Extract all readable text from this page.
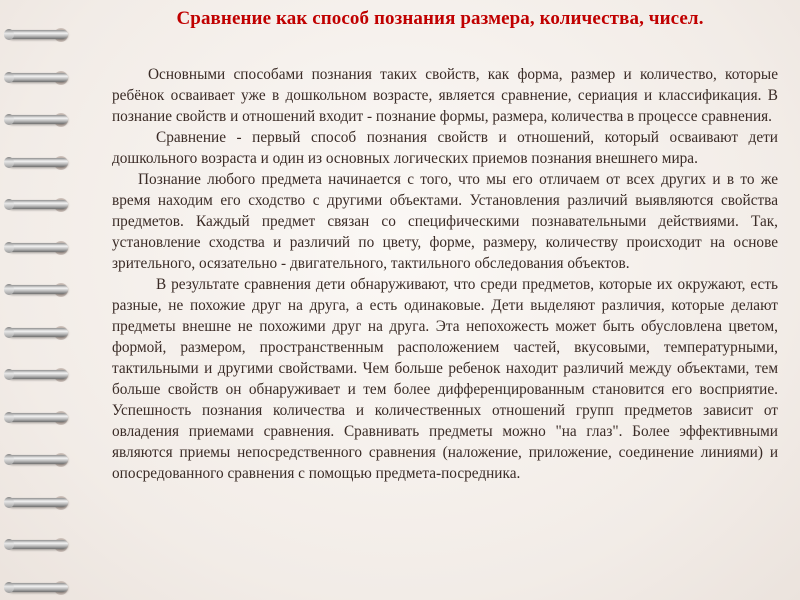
Сравнение как способ познания размера, количества, чисел.

Основными способами познания таких свойств, как форма, размер и количество, которые ребёнок осваивает уже в дошкольном возрасте, является сравнение, сериация и классификация. В познание свойств и отношений входит - познание формы, размера, количества в процессе сравнения.

Сравнение - первый способ познания свойств и отношений, который осваивают дети дошкольного возраста и один из основных логических приемов познания внешнего мира.

Познание любого предмета начинается с того, что мы его отличаем от всех других и в то же время находим его сходство с другими объектами. Установления различий выявляются свойства предметов. Каждый предмет связан со специфическими познавательными действиями. Так, установление сходства и различий по цвету, форме, размеру, количеству происходит на основе зрительного, осязательно - двигательного, тактильного обследования объектов.

В результате сравнения дети обнаруживают, что среди предметов, которые их окружают, есть разные, не похожие друг на друга, а есть одинаковые. Дети выделяют различия, которые делают предметы внешне не похожими друг на друга. Эта непохожесть может быть обусловлена цветом, формой, размером, пространственным расположением частей, вкусовыми, температурными, тактильными и другими свойствами. Чем больше ребенок находит различий между объектами, тем больше свойств он обнаруживает и тем более дифференцированным становится его восприятие. Успешность познания количества и количественных отношений групп предметов зависит от овладения приемами сравнения. Сравнивать предметы можно "на глаз". Более эффективными являются приемы непосредственного сравнения (наложение, приложение, соединение линиями) и опосредованного сравнения с помощью предмета-посредника.
